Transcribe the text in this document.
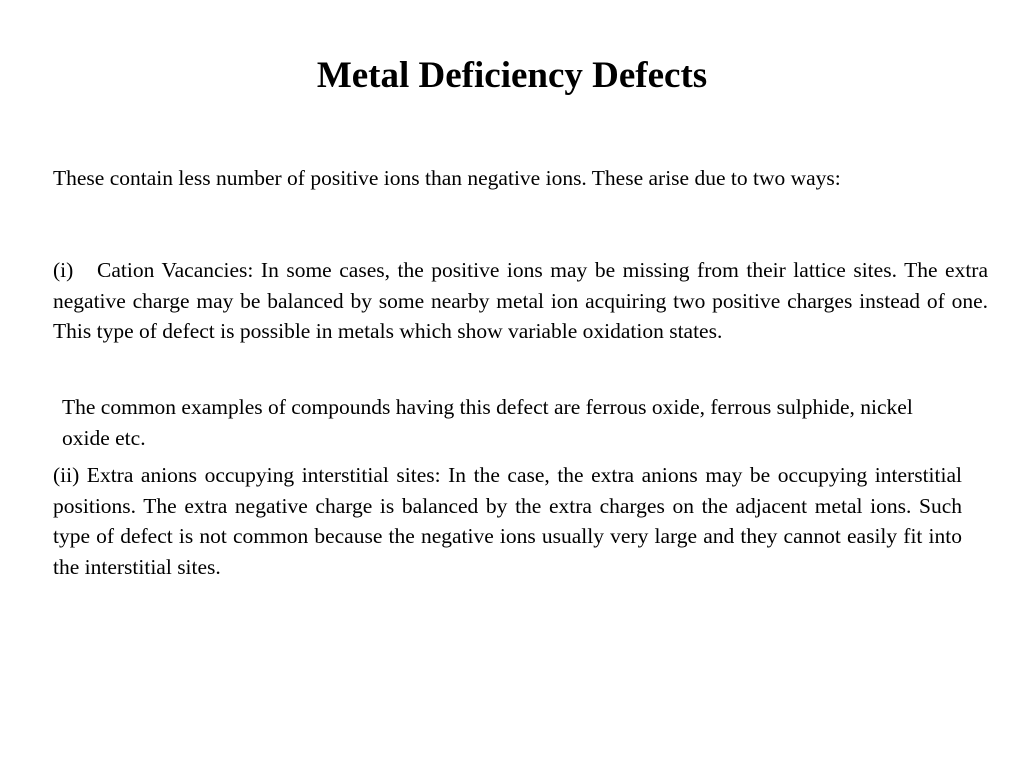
Metal Deficiency Defects

These contain less number of positive ions than negative ions. These arise due to two ways:

(i) Cation Vacancies: In some cases, the positive ions may be missing from their lattice sites. The extra negative charge may be balanced by some nearby metal ion acquiring two positive charges instead of one. This type of defect is possible in metals which show variable oxidation states.

The common examples of compounds having this defect are ferrous oxide, ferrous sulphide, nickel oxide etc.

(ii) Extra anions occupying interstitial sites: In the case, the extra anions may be occupying interstitial positions. The extra negative charge is balanced by the extra charges on the adjacent metal ions. Such type of defect is not common because the negative ions usually very large and they cannot easily fit into the interstitial sites.
